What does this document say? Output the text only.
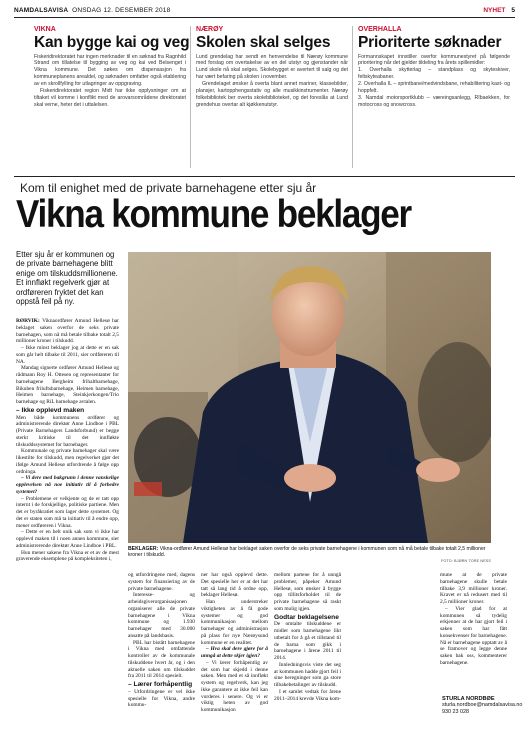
NAMDALSAVISA ONSDAG 12. DESEMBER 2018	NYHET 5

VIKNA

Kan bygge kai og veg

Fiskeridirektoratet har ingen merknader til en søknad fra Ragnhild Strand om tillatelse til bygging av veg og kai ved Belsenget i Vikna kommune. Det søkes om dispensasjon fra kommuneplanens arealdel, og søknaden omfatter også etablering av en skrollfylling for utlagringer av oppgraving.

Fiskeridirektoratet region Midt har ikke opplysninger om at tiltaket vil komme i konflikt med de arovarsområdene direktoratet skal verne, heter det i uttalelsen.

NÆRØY

Skolen skal selges

Lund grendelag har sendt en henvendelse til Nærøy kommune med forslag om overtakelse av en del utstyr og gjenstander når Lund skole nå skal selges. Skolebygget er avertert til salg og det har vært befaring på skolen i november.

Grendelaget ønsker å overta blant annet mariner, klassebilder, plansjer, kartopphengsstativ og alle musikkinstrumenter. Nærøy folkebibliotek ber overta skolebiblioteket, og det foreslås at Lund grendehus overtar alt kjøkkenutstyr.

OVERHALLA

Prioriterte søknader

Formannskapet innstiller overfor kommunestyret på følgende prioritering når det gjelder tildeling fra årets spillemidler:

1. Overhalla skytterlag – standplass og skyteskiver, feltskyteabaner.

2. Overhalla IL – sprintbane/medvindsbane, rehabilitering kast- og hoppfelt.

3. Namdal motorsportklubb – væreingsanlegg, Rîbaekken, for motocross og snowcross.

Kom til enighet med de private barnehagene etter sju år
Vikna kommune beklager

Etter sju år er kommunen og de private barnehagene blitt enige om tilskuddsmillionene. Et innfløkt regelverk gjør at ordføreren fryktet det kan oppstå feil på ny.

BEKLAGER: Vikna-ordfører Amund Hellesø har beklaget saken overfor de seks private barnehagene i kommunen som nå må betale tilbake totalt 2,5 millioner kroner i tilskudd.

FOTO: BJØRN TORE NESS

RØRVIK: Viknaordfører Amund Hellesø har beklaget saken overfor de seks private barnehagen, som nå må betale tilbake totalt 2,5 millioner kroner i tilskudd.

– Ikke minst beklager jog at dette er en sak som går helt tilbake til 2011, sier ordføreren til NA.

Mandag signerte ordfører Amund Hellesø og rådmann Roy H. Ottesen og representanter for barnehagene Bergheim frihaltbarnehage, Bikuben friluftsbarnehage, Heimen barnehage, Heimen barnehage, Steinkjerkongen/Trio barnehage og RiL barnehage avtalen.

– Ikke opplevd maken

Men både kommunens ordfører og administrerende direktør Anne Lindboe i PBL (Private Barnehagers Landsforbund) er begge sterkt kritiske til det innfløkte tilskuddssystemet for barnehager.

Kommunale og private barnehager skal være likestilte for tilskudd, men regelverket gjør det ifølge Amund Hellesø utfordrende å følge opp ordninga.

– Vi dere med bakgrunn i denne vanskelige opplevelsen nå noe initiativ til å forbedre systemet?

– Problemene er velkjente og de er tatt opp internt i de forskjellige, politiske partiene. Men det er byråkratiet som lager dette systemet. Og det er staten som må ta initiativ til å endre opp, mener ordføreren i Vikna.

– Dette er en helt unik sak som vi ikke har opplevd maken til i noen annen kommune, sier administrerende direktør Anne Lindboe i PBL.

Hun mener sakene fra Vikna er et av de mest graverende eksemplene på kompleksiteten i,

og utfordringene med, dagens system for finansiering av de private barnehagene.

Interesse- og arbeidsgiverorganisasjonen organiserer alle de private barnehagene i Vikna kommune og 1.930 barnehager med 30.000 ansatte på landsbasis.

PBL har bistått barnehagene i Vikna med omfattende kontroller av de kommunale tilskuddene hvert år, og i den aktuelle saken om tilskuddet fra 2011 til 2014 spesielt.

– Lærer forhåpentlig

– Utfordringene er vel ikke spesielle for Vikna, andre kommu-

ner har også opplevd dette. Det spesielle her er at det har tatt så lang tid å ordne opp, beklager Hellesø.

Han understreker viktigheten av å få gode systemer og god kommunikasjon mellom barnehager og administrasjon på plass for nye Nærøysund kommune er en realitet.

– Hva skal dere gjøre for å unngå at dette skjer igjen?

– Vi lærer forhåpentlig av det som har skjedd i denne saken. Men med et så innfløkt system og regelverk, kan jeg ikke garantere at ikke feil kan vurderes i senere. Og vi er viktig heten av god kommunikasjon

mellom partene for å unngå problemer, påpeker Amund Hellesø, som ønsker å bygge opp tillitsforholdet til de private barnehagene så raskt som mulig igjen.

Godtar beklagelsene

De omtalte tilskuddene er midler som barnehagene likt utbetalt for å gå et tillstand til de barna som gikk i barnehagene i årene 2011 til 2014.

Innledningsvis viste det seg at kommunen hadde gjort feil i sine beregninger som ga store tilbakebetalinger av tilskudd.

I et samlet vedtak for årene 2011–2014 krevde Vikna kom-

mune at de private barnehagene skulle betale tilbake 3,9 millioner kroner. Kravet er nå redusert med til 2,5 millioner kroner.

– Vier glad for at kommunen så tydelig erkjenner at de har gjort feil i saken som har fått konsekvenser for barnehagene. Nå er barnehagene opptatt av å se framover og legge denne saken bak oss, kommenterer barnehagene.

STURLA NORDBØE
sturla.nordboe@namdalsavisa.no
930 23 028
